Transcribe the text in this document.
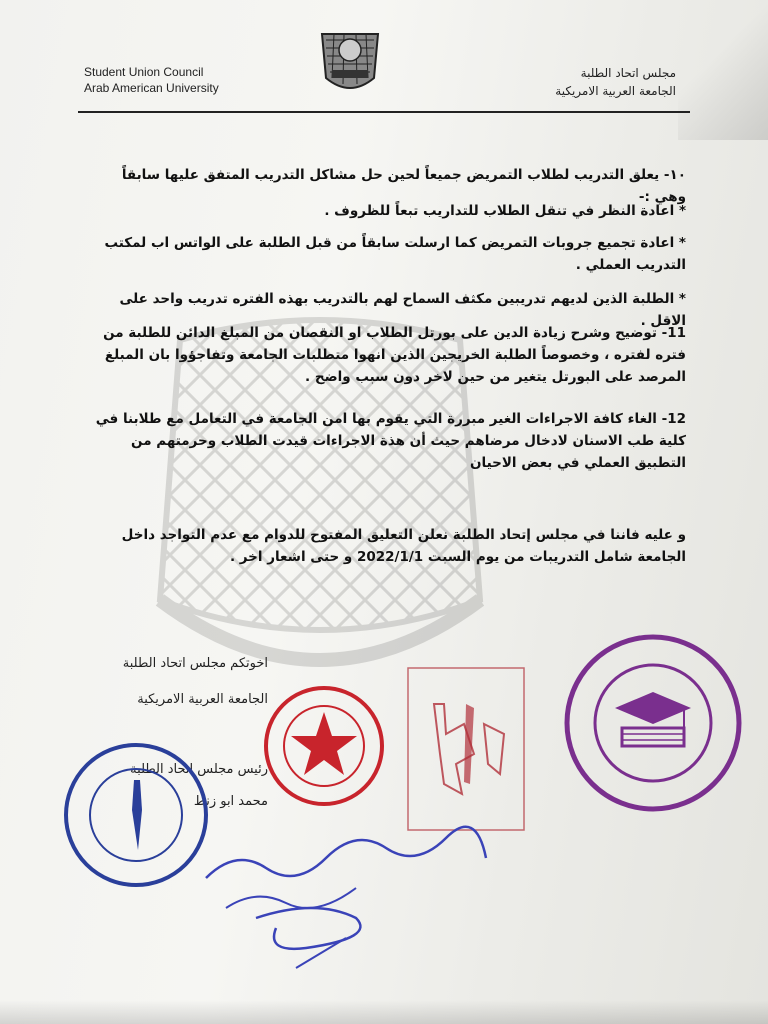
Student Union Council
Arab American University
مجلس اتحاد الطلبة
الجامعة العربية الامريكية
١٠- يعلق التدريب لطلاب التمريض جميعاً لحين حل مشاكل التدريب المتفق عليها سابقاً وهي :-
* اعادة النظر في تنقل الطلاب للتداريب تبعاً للظروف .
* اعادة تجميع جروبات التمريض كما ارسلت سابقاً من قبل الطلبة على الواتس اب لمكتب التدريب العملي .
* الطلبة الذين لديهم تدريبين مكثف السماح لهم بالتدريب بهذه الفتره تدريب واحد على الاقل .
11- توضيح وشرح زيادة الدين على بورتل الطلاب او النقصان من المبلغ الدائن للطلبة من فتره لفتره ، وخصوصاً الطلبة الخريجين الذين انهوا متطلبات الجامعة وتفاجؤوا بان المبلغ المرصد على البورتل يتغير من حين لاخر دون سبب واضح .
12- الغاء كافة الاجراءات الغير مبررة التي يقوم بها امن الجامعة في التعامل مع طلابنا في كلية طب الاسنان لادخال مرضاهم حيث أن هذة الاجراءات قيدت الطلاب وحرمتهم من التطبيق العملي في بعض الاحيان
و عليه فاننا في مجلس إتحاد الطلبة نعلن التعليق المفتوح للدوام مع عدم التواجد داخل الجامعة شامل التدريبات من يوم السبت 2022/1/1 و حتى اشعار اخر .
اخوتكم مجلس اتحاد الطلبة
الجامعة العربية الامريكية
رئيس مجلس اتحاد الطلبة
محمد ابو زنط
